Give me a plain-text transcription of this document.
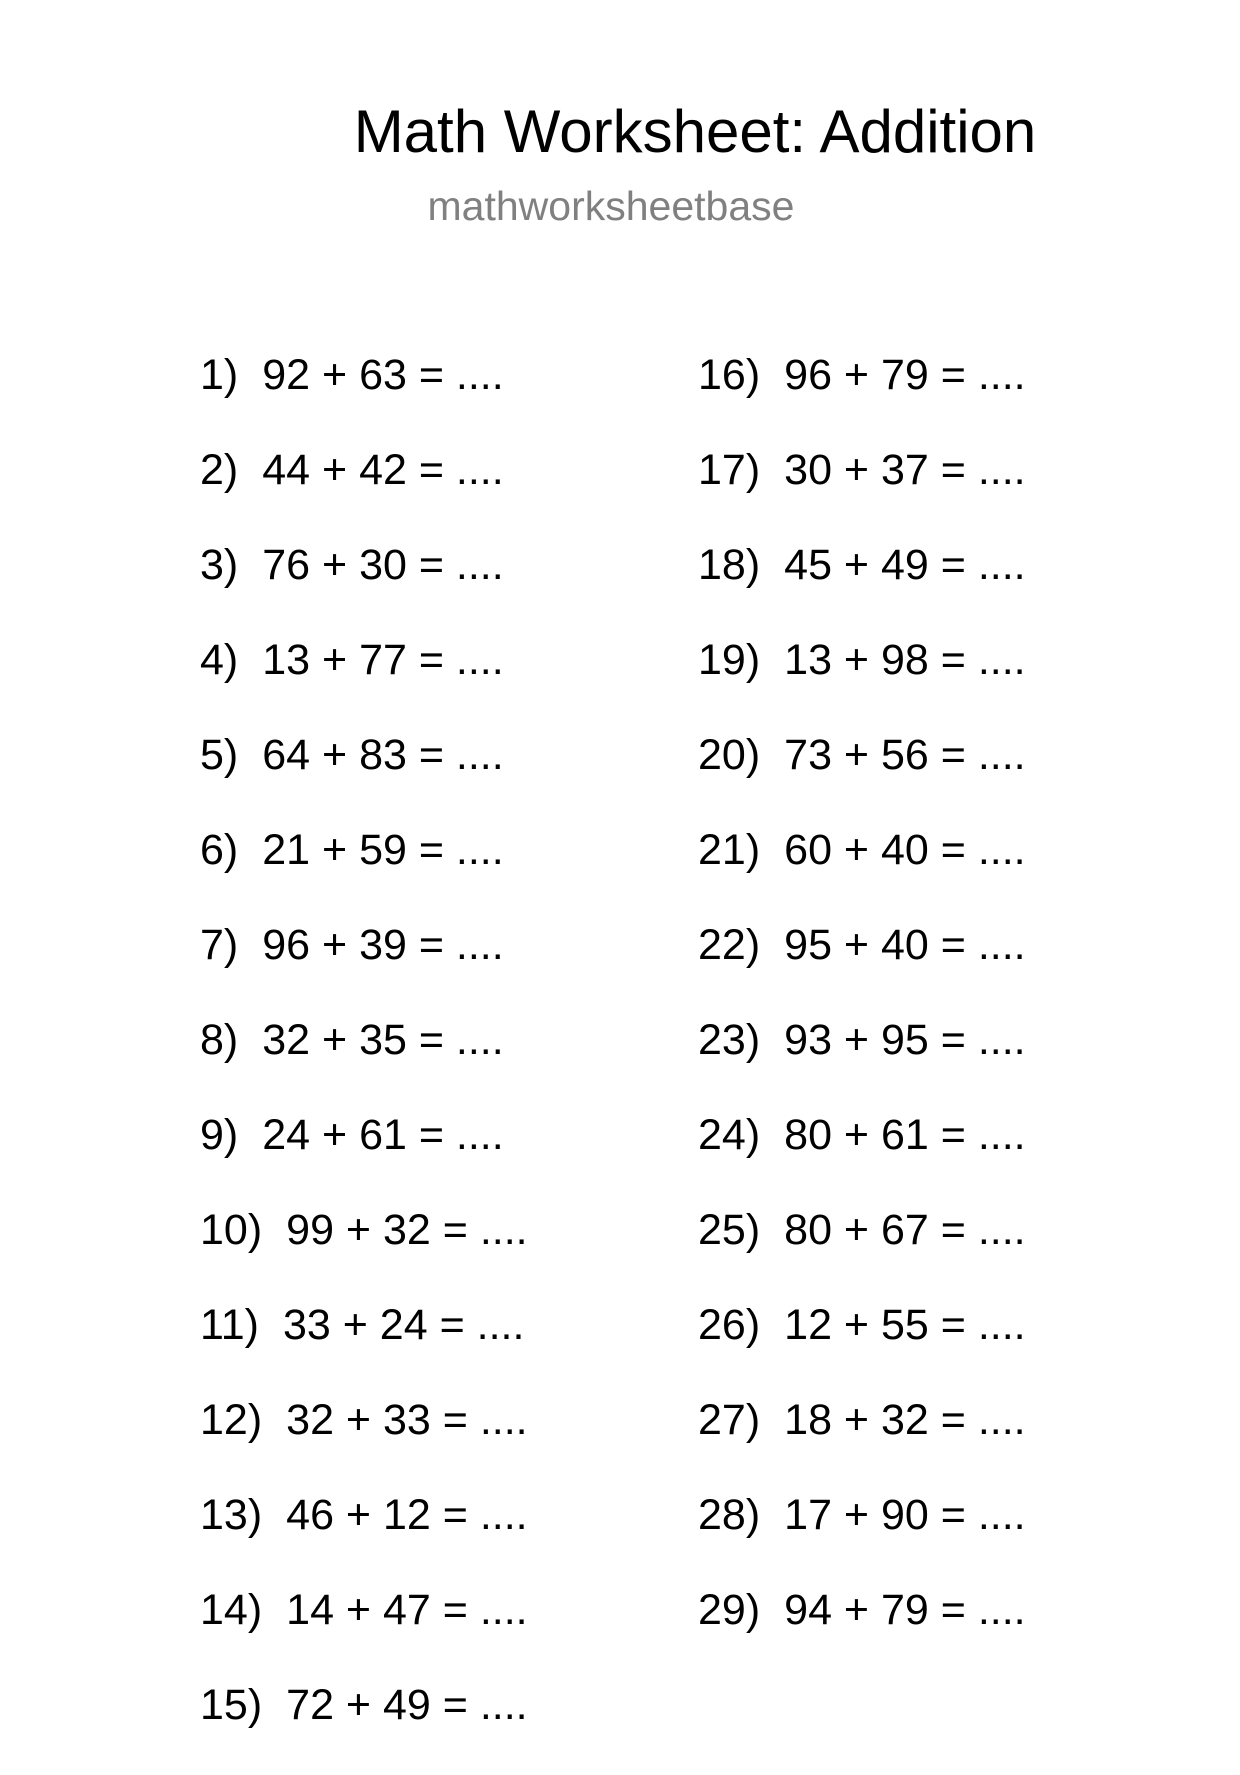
Math Worksheet: Addition
mathworksheetbase
1) 92 + 63 = ....
2) 44 + 42 = ....
3) 76 + 30 = ....
4) 13 + 77 = ....
5) 64 + 83 = ....
6) 21 + 59 = ....
7) 96 + 39 = ....
8) 32 + 35 = ....
9) 24 + 61 = ....
10) 99 + 32 = ....
11) 33 + 24 = ....
12) 32 + 33 = ....
13) 46 + 12 = ....
14) 14 + 47 = ....
15) 72 + 49 = ....
16) 96 + 79 = ....
17) 30 + 37 = ....
18) 45 + 49 = ....
19) 13 + 98 = ....
20) 73 + 56 = ....
21) 60 + 40 = ....
22) 95 + 40 = ....
23) 93 + 95 = ....
24) 80 + 61 = ....
25) 80 + 67 = ....
26) 12 + 55 = ....
27) 18 + 32 = ....
28) 17 + 90 = ....
29) 94 + 79 = ....
